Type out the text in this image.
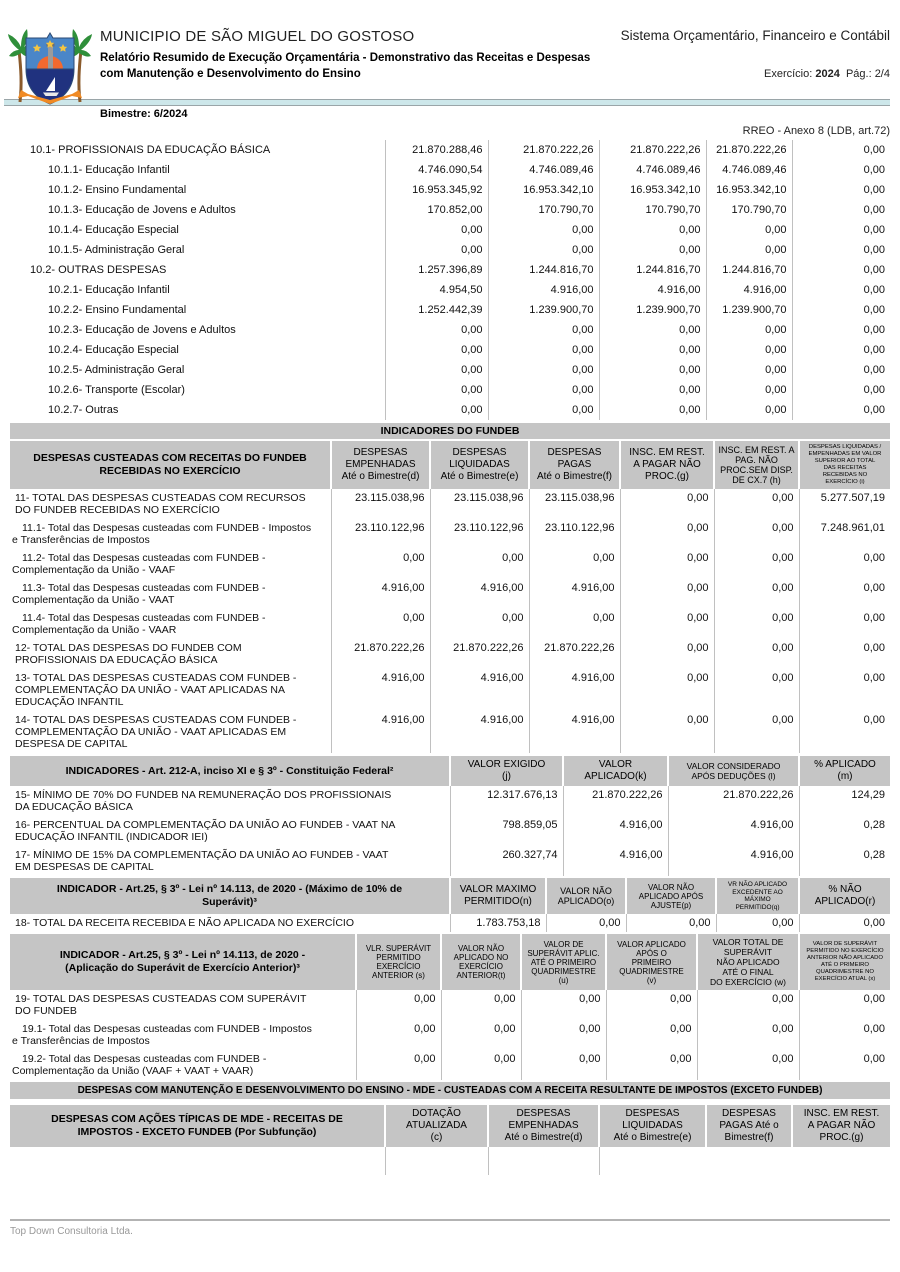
MUNICIPIO DE SÃO MIGUEL DO GOSTOSO
Relatório Resumido de Execução Orçamentária - Demonstrativo das Receitas e Despesas
com Manutenção e Desenvolvimento do Ensino
Sistema Orçamentário, Financeiro e Contábil
Exercício: 2024 Pág.: 2/4
Bimestre: 6/2024
RREO - Anexo 8 (LDB, art.72)
10.1- PROFISSIONAIS DA EDUCAÇÃO BÁSICA	21.870.288,46	21.870.222,26	21.870.222,26	21.870.222,26	0,00
10.1.1- Educação Infantil	4.746.090,54	4.746.089,46	4.746.089,46	4.746.089,46	0,00
10.1.2- Ensino Fundamental	16.953.345,92	16.953.342,10	16.953.342,10	16.953.342,10	0,00
10.1.3- Educação de Jovens e Adultos	170.852,00	170.790,70	170.790,70	170.790,70	0,00
10.1.4- Educação Especial	0,00	0,00	0,00	0,00	0,00
10.1.5- Administração Geral	0,00	0,00	0,00	0,00	0,00
10.2- OUTRAS DESPESAS	1.257.396,89	1.244.816,70	1.244.816,70	1.244.816,70	0,00
10.2.1- Educação Infantil	4.954,50	4.916,00	4.916,00	4.916,00	0,00
10.2.2- Ensino Fundamental	1.252.442,39	1.239.900,70	1.239.900,70	1.239.900,70	0,00
10.2.3- Educação de Jovens e Adultos	0,00	0,00	0,00	0,00	0,00
10.2.4- Educação Especial	0,00	0,00	0,00	0,00	0,00
10.2.5- Administração Geral	0,00	0,00	0,00	0,00	0,00
10.2.6- Transporte (Escolar)	0,00	0,00	0,00	0,00	0,00
10.2.7- Outras	0,00	0,00	0,00	0,00	0,00
INDICADORES DO FUNDEB
DESPESAS CUSTEADAS COM RECEITAS DO FUNDEB
RECEBIDAS NO EXERCÍCIO	DESPESAS
EMPENHADAS
Até o Bimestre(d)	DESPESAS
LIQUIDADAS
Até o Bimestre(e)	DESPESAS
PAGAS
Até o Bimestre(f)	INSC. EM REST.
A PAGAR NÃO
PROC.(g)	INSC. EM REST. A
PAG. NÃO
PROC.SEM DISP.
DE CX.7 (h)	DESPESAS LIQUIDADAS /
EMPENHADAS EM VALOR
SUPERIOR AO TOTAL
DAS RECEITAS
RECEBIDAS NO
EXERCÍCIO (i)
11- TOTAL DAS DESPESAS CUSTEADAS COM RECURSOS DO FUNDEB RECEBIDAS NO EXERCÍCIO	23.115.038,96	23.115.038,96	23.115.038,96	0,00	0,00	5.277.507,19
11.1- Total das Despesas custeadas com FUNDEB - Impostos e Transferências de Impostos	23.110.122,96	23.110.122,96	23.110.122,96	0,00	0,00	7.248.961,01
11.2- Total das Despesas custeadas com FUNDEB - Complementação da União - VAAF	0,00	0,00	0,00	0,00	0,00	0,00
11.3- Total das Despesas custeadas com FUNDEB - Complementação da União - VAAT	4.916,00	4.916,00	4.916,00	0,00	0,00	0,00
11.4- Total das Despesas custeadas com FUNDEB - Complementação da União - VAAR	0,00	0,00	0,00	0,00	0,00	0,00
12- TOTAL DAS DESPESAS DO FUNDEB COM PROFISSIONAIS DA EDUCAÇÃO BÁSICA	21.870.222,26	21.870.222,26	21.870.222,26	0,00	0,00	0,00
13- TOTAL DAS DESPESAS CUSTEADAS COM FUNDEB - COMPLEMENTAÇÃO DA UNIÃO - VAAT APLICADAS NA EDUCAÇÃO INFANTIL	4.916,00	4.916,00	4.916,00	0,00	0,00	0,00
14- TOTAL DAS DESPESAS CUSTEADAS COM FUNDEB - COMPLEMENTAÇÃO DA UNIÃO - VAAT APLICADAS EM DESPESA DE CAPITAL	4.916,00	4.916,00	4.916,00	0,00	0,00	0,00
INDICADORES - Art. 212-A, inciso XI e § 3º - Constituição Federal²	VALOR EXIGIDO
(j)	VALOR
APLICADO(k)	VALOR CONSIDERADO
APÓS DEDUÇÕES (l)	% APLICADO
(m)
15- MÍNIMO DE 70% DO FUNDEB NA REMUNERAÇÃO DOS PROFISSIONAIS DA EDUCAÇÃO BÁSICA	12.317.676,13	21.870.222,26	21.870.222,26	124,29
16- PERCENTUAL DA COMPLEMENTAÇÃO DA UNIÃO AO FUNDEB - VAAT NA EDUCAÇÃO INFANTIL (INDICADOR IEI)	798.859,05	4.916,00	4.916,00	0,28
17- MÍNIMO DE 15% DA COMPLEMENTAÇÃO DA UNIÃO AO FUNDEB - VAAT EM DESPESAS DE CAPITAL	260.327,74	4.916,00	4.916,00	0,28
INDICADOR - Art.25, § 3º - Lei nº 14.113, de 2020 - (Máximo de 10% de
Superávit)³	VALOR MAXIMO
PERMITIDO(n)	VALOR NÃO
APLICADO(o)	VALOR NÃO
APLICADO APÓS
AJUSTE(p)	VR NÃO APLICADO
EXCEDENTE AO
MÁXIMO
PERMITIDO(q)	% NÃO
APLICADO(r)
18- TOTAL DA RECEITA RECEBIDA E NÃO APLICADA NO EXERCÍCIO	1.783.753,18	0,00	0,00	0,00	0,00
INDICADOR - Art.25, § 3º - Lei nº 14.113, de 2020 -
(Aplicação do Superávit de Exercício Anterior)³	VLR. SUPERÁVIT
PERMITIDO
EXERCÍCIO
ANTERIOR (s)	VALOR NÃO
APLICADO NO
EXERCÍCIO
ANTERIOR(t)	VALOR DE
SUPERÁVIT APLIC.
ATÉ O PRIMEIRO
QUADRIMESTRE
(u)	VALOR APLICADO
APÓS O
PRIMEIRO
QUADRIMESTRE
(v)	VALOR TOTAL DE
SUPERÁVIT
NÃO APLICADO
ATÉ O FINAL
DO EXERCÍCIO (w)	VALOR DE SUPERÁVIT
PERMITIDO NO EXERCÍCIO
ANTERIOR NÃO APLICADO
ATÉ O PRIMEIRO
QUADRIMESTRE NO
EXERCÍCIO ATUAL (x)
19- TOTAL DAS DESPESAS CUSTEADAS COM SUPERÁVIT DO FUNDEB	0,00	0,00	0,00	0,00	0,00	0,00
19.1- Total das Despesas custeadas com FUNDEB - Impostos e Transferências de Impostos	0,00	0,00	0,00	0,00	0,00	0,00
19.2- Total das Despesas custeadas com FUNDEB - Complementação da União (VAAF + VAAT + VAAR)	0,00	0,00	0,00	0,00	0,00	0,00
DESPESAS COM MANUTENÇÃO E DESENVOLVIMENTO DO ENSINO - MDE - CUSTEADAS COM A RECEITA RESULTANTE DE IMPOSTOS (EXCETO FUNDEB)
DESPESAS COM AÇÕES TÍPICAS DE MDE - RECEITAS DE
IMPOSTOS - EXCETO FUNDEB (Por Subfunção)	DOTAÇÃO
ATUALIZADA
(c)	DESPESAS
EMPENHADAS
Até o Bimestre(d)	DESPESAS
LIQUIDADAS
Até o Bimestre(e)	DESPESAS
PAGAS Até o
Bimestre(f)	INSC. EM REST.
A PAGAR NÃO
PROC.(g)

Top Down Consultoria Ltda.
